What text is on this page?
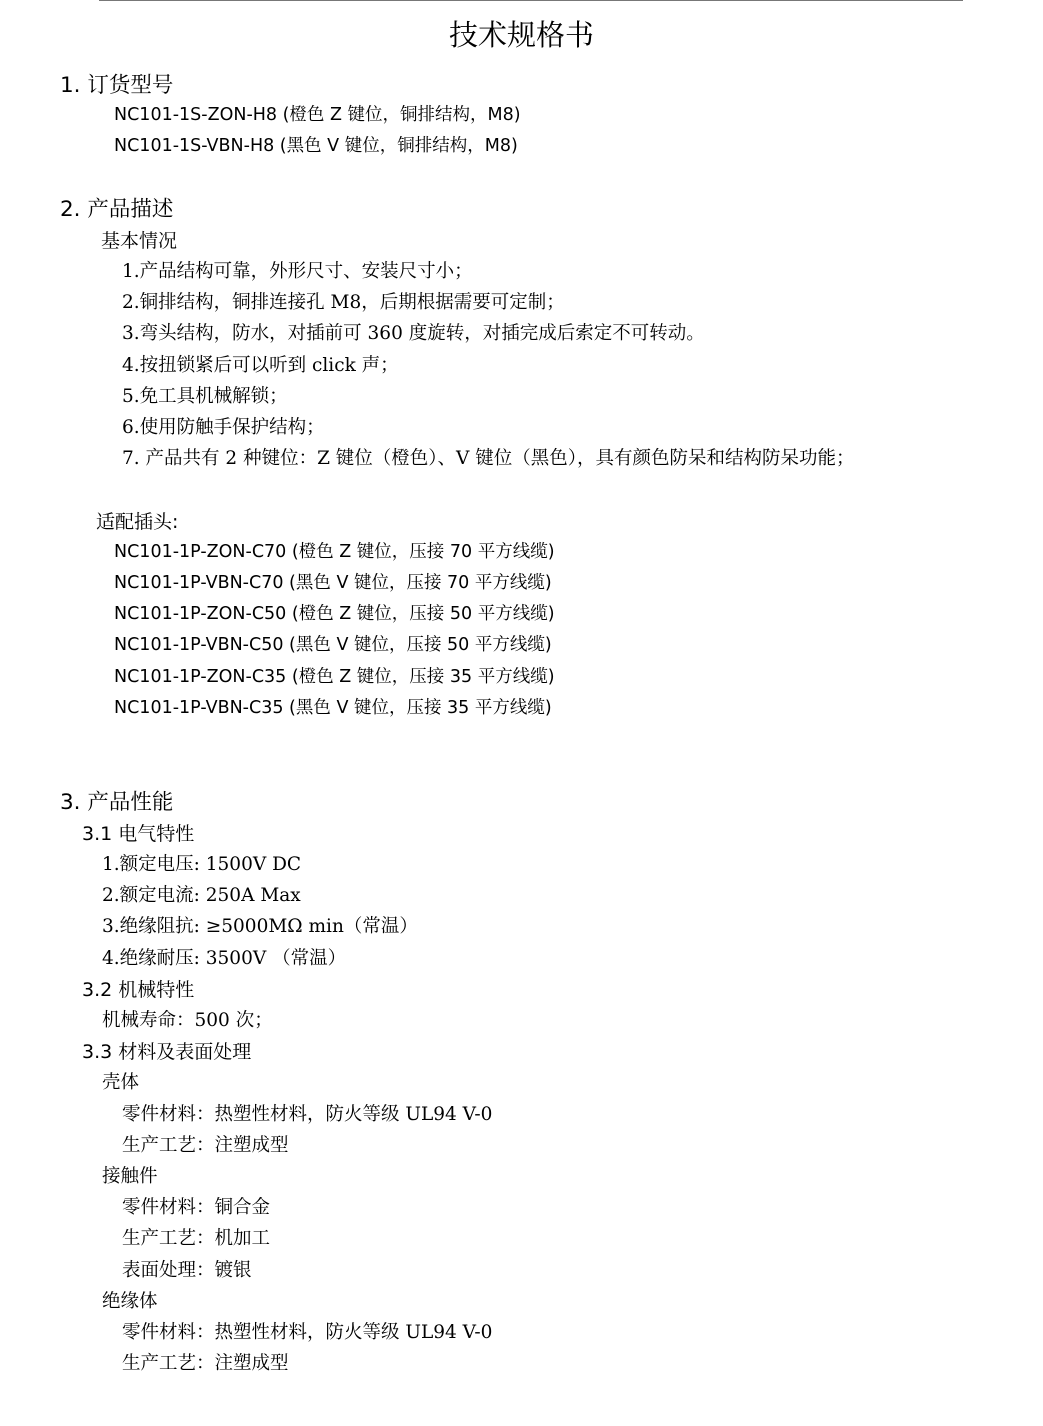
技术规格书
1. 订货型号
NC101-1S-ZON-H8 (橙色 Z 键位，铜排结构，M8)
NC101-1S-VBN-H8 (黑色 V 键位，铜排结构，M8)
2. 产品描述
基本情况
1.产品结构可靠，外形尺寸、安装尺寸小；
2.铜排结构，铜排连接孔 M8，后期根据需要可定制；
3.弯头结构，防水，对插前可 360 度旋转，对插完成后索定不可转动。
4.按扭锁紧后可以听到 click 声；
5.免工具机械解锁；
6.使用防触手保护结构；
7. 产品共有 2 种键位：Z 键位（橙色）、V 键位（黑色），具有颜色防呆和结构防呆功能；
适配插头:
NC101-1P-ZON-C70 (橙色 Z 键位，压接 70 平方线缆)
NC101-1P-VBN-C70 (黑色 V 键位，压接 70 平方线缆)
NC101-1P-ZON-C50 (橙色 Z 键位，压接 50 平方线缆)
NC101-1P-VBN-C50 (黑色 V 键位，压接 50 平方线缆)
NC101-1P-ZON-C35 (橙色 Z 键位，压接 35 平方线缆)
NC101-1P-VBN-C35 (黑色 V 键位，压接 35 平方线缆)
3. 产品性能
3.1 电气特性
1.额定电压: 1500V DC
2.额定电流: 250A Max
3.绝缘阻抗: ≥5000MΩ min（常温）
4.绝缘耐压: 3500V （常温）
3.2 机械特性
机械寿命：500 次；
3.3 材料及表面处理
壳体
零件材料：热塑性材料，防火等级 UL94 V-0
生产工艺：注塑成型
接触件
零件材料：铜合金
生产工艺：机加工
表面处理：镀银
绝缘体
零件材料：热塑性材料，防火等级 UL94 V-0
生产工艺：注塑成型
